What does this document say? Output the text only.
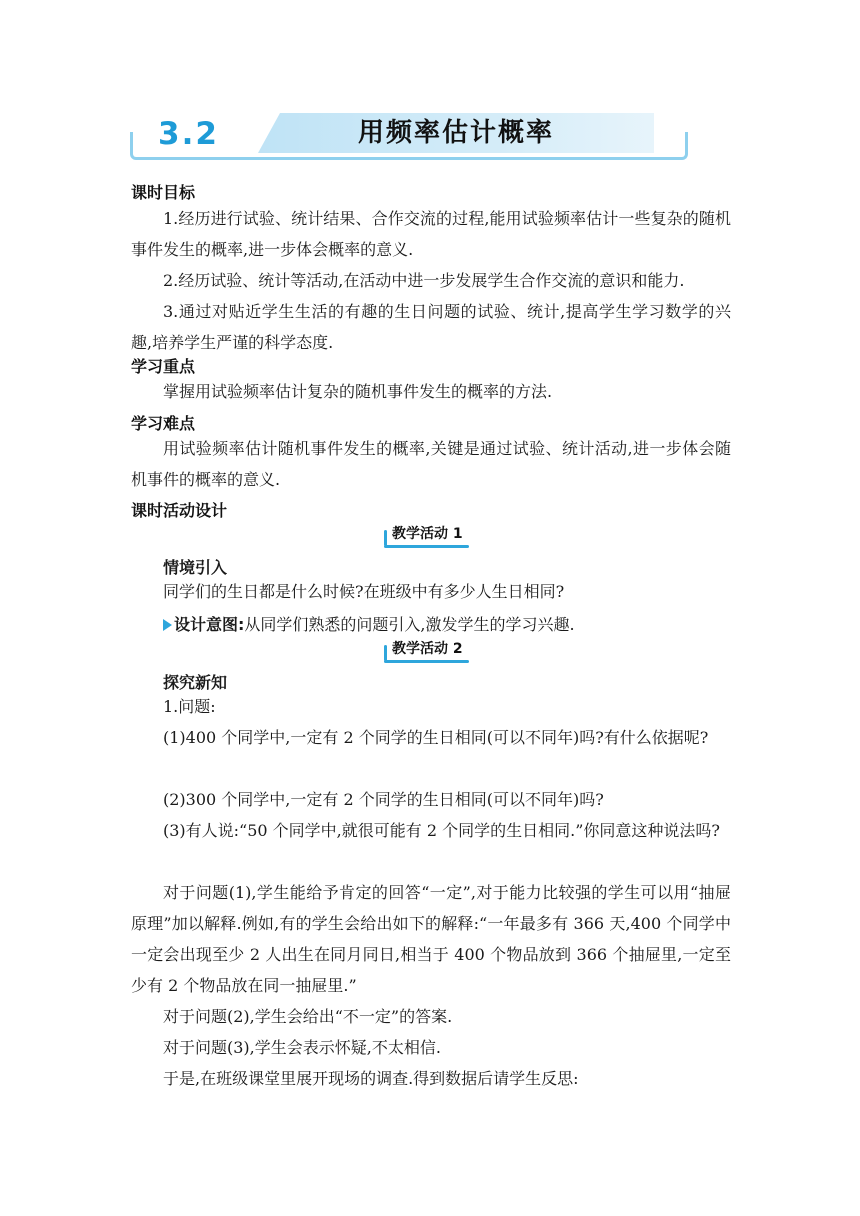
3.2	用频率估计概率
课时目标

1.经历进行试验、统计结果、合作交流的过程,能用试验频率估计一些复杂的随机事件发生的概率,进一步体会概率的意义.

2.经历试验、统计等活动,在活动中进一步发展学生合作交流的意识和能力.

3.通过对贴近学生生活的有趣的生日问题的试验、统计,提高学生学习数学的兴趣,培养学生严谨的科学态度.

学习重点

掌握用试验频率估计复杂的随机事件发生的概率的方法.

学习难点

用试验频率估计随机事件发生的概率,关键是通过试验、统计活动,进一步体会随机事件的概率的意义.

课时活动设计
教学活动 1
情境引入

同学们的生日都是什么时候?在班级中有多少人生日相同?

设计意图:从同学们熟悉的问题引入,激发学生的学习兴趣.
教学活动 2
探究新知

1.问题:

(1)400 个同学中,一定有 2 个同学的生日相同(可以不同年)吗?有什么依据呢?

(2)300 个同学中,一定有 2 个同学的生日相同(可以不同年)吗?

(3)有人说:“50 个同学中,就很可能有 2 个同学的生日相同.”你同意这种说法吗?

对于问题(1),学生能给予肯定的回答“一定”,对于能力比较强的学生可以用“抽屉原理”加以解释.例如,有的学生会给出如下的解释:“一年最多有 366 天,400 个同学中一定会出现至少 2 人出生在同月同日,相当于 400 个物品放到 366 个抽屉里,一定至少有 2 个物品放在同一抽屉里.”

对于问题(2),学生会给出“不一定”的答案.

对于问题(3),学生会表示怀疑,不太相信.

于是,在班级课堂里展开现场的调查.得到数据后请学生反思:
